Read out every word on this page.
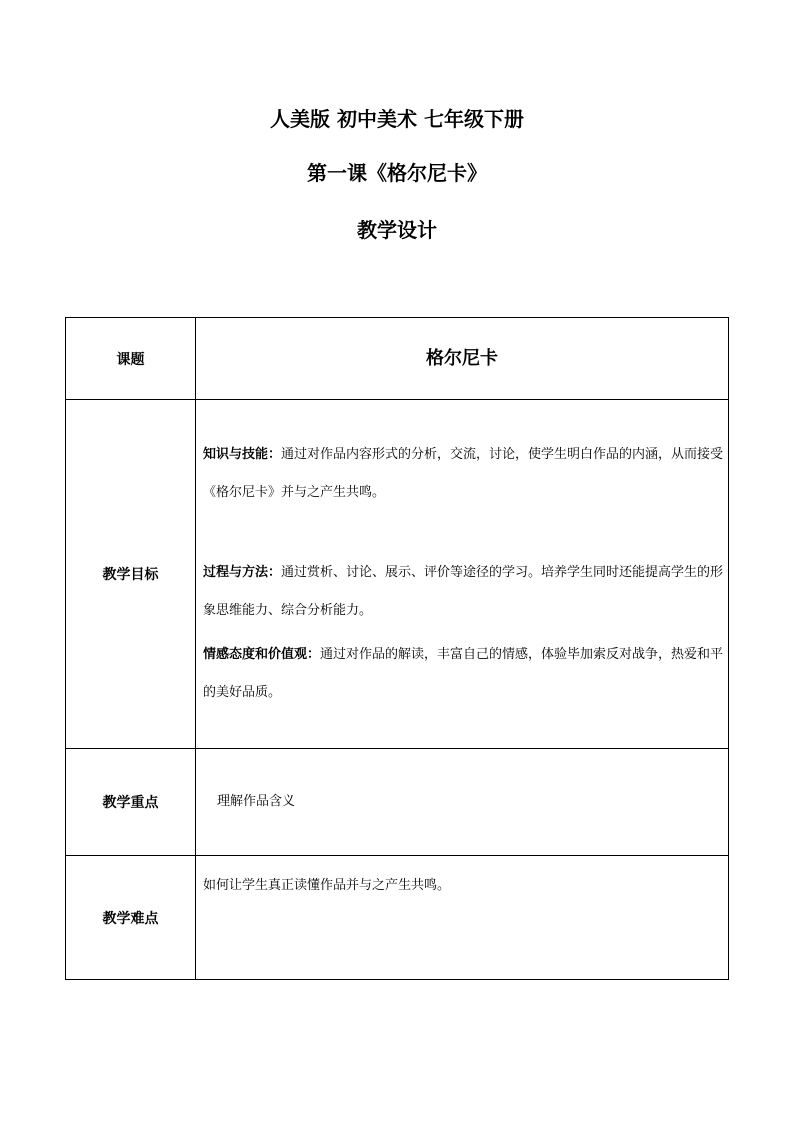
人美版 初中美术 七年级下册
第一课《格尔尼卡》
教学设计
课题	格尔尼卡

教学目标	知识与技能：通过对作品内容形式的分析，交流，讨论，使学生明白作品的内涵，从而接受《格尔尼卡》并与之产生共鸣。
过程与方法：通过赏析、讨论、展示、评价等途径的学习。培养学生同时还能提高学生的形象思维能力、综合分析能力。
情感态度和价值观：通过对作品的解读，丰富自己的情感，体验毕加索反对战争，热爱和平的美好品质。

教学重点	理解作品含义

教学难点	如何让学生真正读懂作品并与之产生共鸣。
